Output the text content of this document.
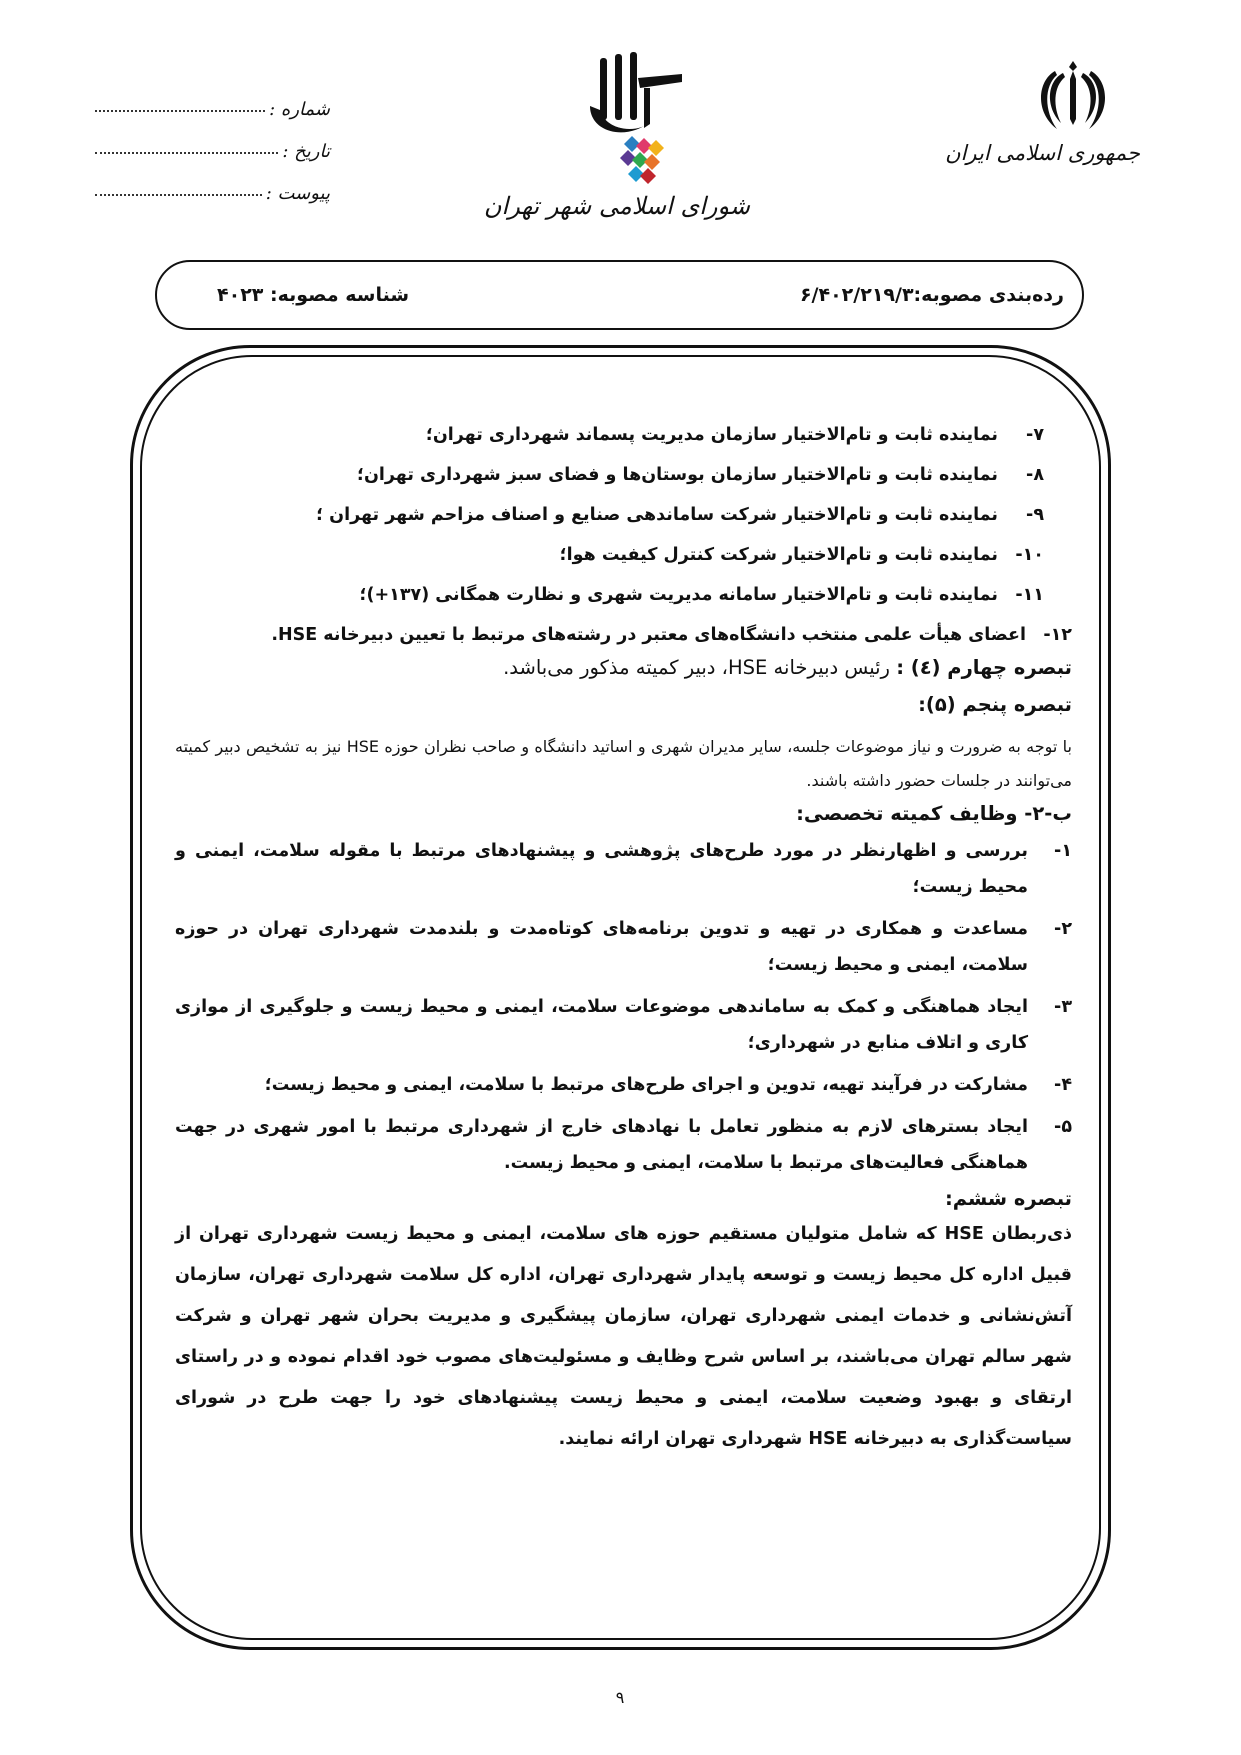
جمهوری اسلامی ایران
شورای اسلامی شهر تهران
شماره :
تاریخ :
پیوست :
شناسه مصوبه: ۴۰۲۳	رده‌بندی مصوبه:۶/۴۰۲/۲۱۹/۳
۷-
نماینده ثابت و تام‌الاختیار سازمان مدیریت پسماند شهرداری تهران؛
۸-
نماینده ثابت و تام‌الاختیار سازمان بوستان‌ها و فضای سبز شهرداری تهران؛
۹-
نماینده ثابت و تام‌الاختیار شرکت ساماندهی صنایع و اصناف مزاحم شهر تهران ؛
۱۰-
نماینده ثابت و تام‌الاختیار شرکت کنترل کیفیت هوا؛
۱۱-
نماینده ثابت و تام‌الاختیار سامانه مدیریت شهری و نظارت همگانی (۱۳۷+)؛
۱۲-
اعضای هیأت علمی منتخب دانشگاه‌های معتبر در رشته‌های مرتبط با تعیین دبیرخانه HSE.
تبصره چهارم (٤) : رئیس دبیرخانه HSE، دبیر کمیته مذکور می‌باشد.
تبصره پنجم (۵):
با توجه به ضرورت و نیاز موضوعات جلسه، سایر مدیران شهری و اساتید دانشگاه و صاحب نظران حوزه HSE نیز به تشخیص دبیر کمیته می‌توانند در جلسات حضور داشته باشند.
ب-۲- وظایف کمیته تخصصی:
۱-
بررسی و اظهارنظر در مورد طرح‌های پژوهشی و پیشنهادهای مرتبط با مقوله سلامت، ایمنی و محیط زیست؛
۲-
مساعدت و همکاری در تهیه و تدوین برنامه‌های کوتاه‌مدت و بلندمدت شهرداری تهران در حوزه سلامت، ایمنی و محیط زیست؛
۳-
ایجاد هماهنگی و کمک به ساماندهی موضوعات سلامت، ایمنی و محیط زیست و جلوگیری از موازی کاری و اتلاف منابع در شهرداری؛
۴-
مشارکت در فرآیند تهیه، تدوین و اجرای طرح‌های مرتبط با سلامت، ایمنی و محیط زیست؛
۵-
ایجاد بسترهای لازم به منظور تعامل با نهادهای خارج از شهرداری مرتبط با امور شهری در جهت هماهنگی فعالیت‌های مرتبط با سلامت، ایمنی و محیط زیست.
تبصره ششم:
ذی‌ربطان HSE که شامل متولیان مستقیم حوزه های سلامت، ایمنی و محیط زیست شهرداری تهران از قبیل اداره کل محیط زیست و توسعه پایدار شهرداری تهران، اداره کل سلامت شهرداری تهران، سازمان آتش‌نشانی و خدمات ایمنی شهرداری تهران، سازمان پیشگیری و مدیریت بحران شهر تهران و شرکت شهر سالم تهران می‌باشند، بر اساس شرح وظایف و مسئولیت‌های مصوب خود اقدام نموده و در راستای ارتقای و بهبود وضعیت سلامت، ایمنی و محیط زیست پیشنهادهای خود را جهت طرح در شورای سیاست‌گذاری به دبیرخانه HSE شهرداری تهران ارائه نمایند.
۹
